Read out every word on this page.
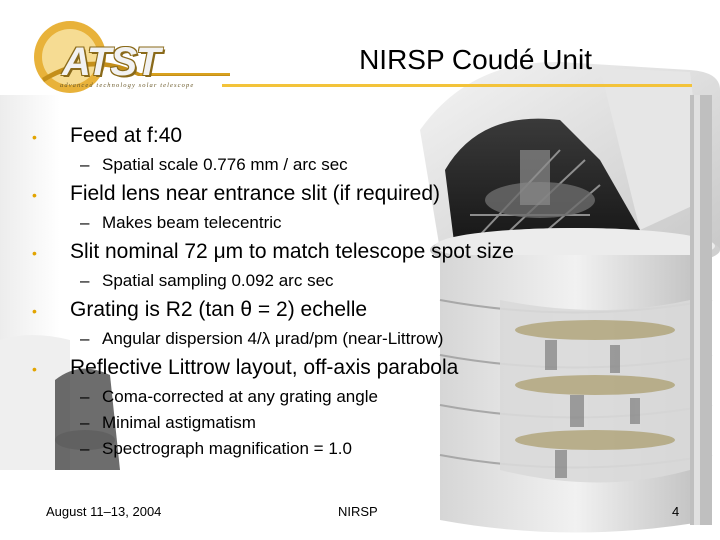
ATST
advanced technology solar telescope
NIRSP Coudé Unit
• Feed at f:40
– Spatial scale 0.776 mm / arc sec
• Field lens near entrance slit (if required)
– Makes beam telecentric
• Slit nominal 72 μm to match telescope spot size
– Spatial sampling 0.092 arc sec
• Grating is R2 (tan θ = 2) echelle
– Angular dispersion 4/λ μrad/pm (near-Littrow)
• Reflective Littrow layout, off-axis parabola
– Coma-corrected at any grating angle
– Minimal astigmatism
– Spectrograph magnification = 1.0
August 11–13, 2004	NIRSP	4
